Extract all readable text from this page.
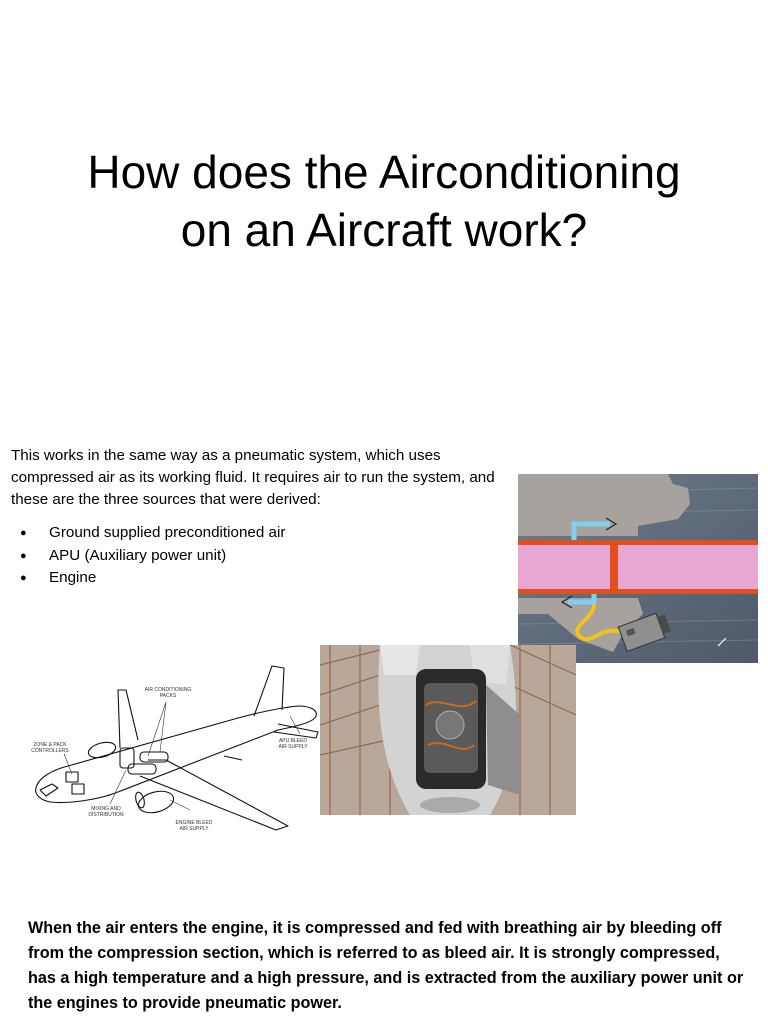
How does the Airconditioning
on an Aircraft work?

This works in the same way as a pneumatic system, which uses compressed air as its working fluid. It requires air to run the system, and these are the three sources that were derived:

● Ground supplied preconditioned air
● APU (Auxiliary power unit)
● Engine
AIR CONDITIONING
PACKS
ZONE & PACK
CONTROLLERS
APU BLEED
AIR SUPPLY
MIXING AND
DISTRIBUTION
ENGINE BLEED
AIR SUPPLY

When the air enters the engine, it is compressed and fed with breathing air by bleeding off from the compression section, which is referred to as bleed air. It is strongly compressed, has a high temperature and a high pressure, and is extracted from the auxiliary power unit or the engines to provide pneumatic power.
